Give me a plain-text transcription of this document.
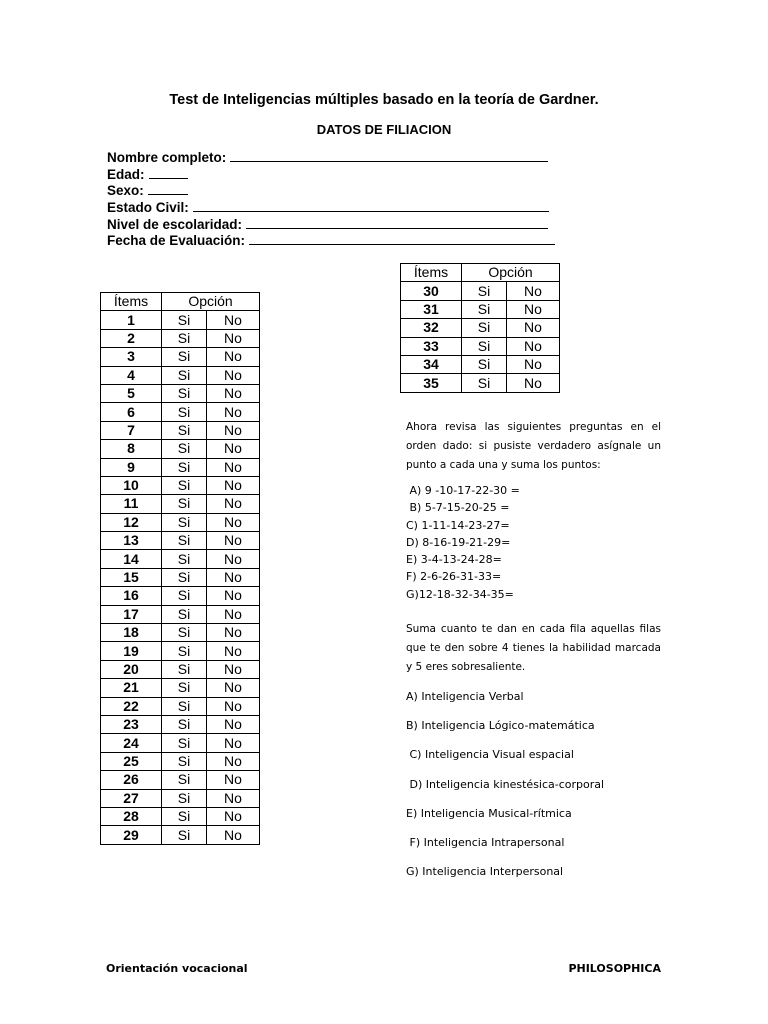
Test de Inteligencias múltiples basado en la teoría de Gardner.
DATOS DE FILIACION
Nombre completo:
Edad:
Sexo:
Estado Civil:
Nivel de escolaridad:
Fecha de Evaluación:
Ítems	Opción	
1	Si	No
2	Si	No
3	Si	No
4	Si	No
5	Si	No
6	Si	No
7	Si	No
8	Si	No
9	Si	No
10	Si	No
11	Si	No
12	Si	No
13	Si	No
14	Si	No
15	Si	No
16	Si	No
17	Si	No
18	Si	No
19	Si	No
20	Si	No
21	Si	No
22	Si	No
23	Si	No
24	Si	No
25	Si	No
26	Si	No
27	Si	No
28	Si	No
29	Si	No
Ítems	Opción	
30	Si	No
31	Si	No
32	Si	No
33	Si	No
34	Si	No
35	Si	No
Ahora revisa las siguientes preguntas en el orden dado: si pusiste verdadero asígnale un punto a cada una y suma los puntos:
A) 9 -10-17-22-30 =
B) 5-7-15-20-25 =
C) 1-11-14-23-27=
D) 8-16-19-21-29=
E) 3-4-13-24-28=
F) 2-6-26-31-33=
G)12-18-32-34-35=
Suma cuanto te dan en cada fila aquellas filas que te den sobre 4 tienes la habilidad marcada y 5 eres sobresaliente.
A) Inteligencia Verbal
B) Inteligencia Lógico-matemática
C) Inteligencia Visual espacial
D) Inteligencia kinestésica-corporal
E) Inteligencia Musical-rítmica
F) Inteligencia Intrapersonal
G) Inteligencia Interpersonal
Orientación vocacional	PHILOSOPHICA
